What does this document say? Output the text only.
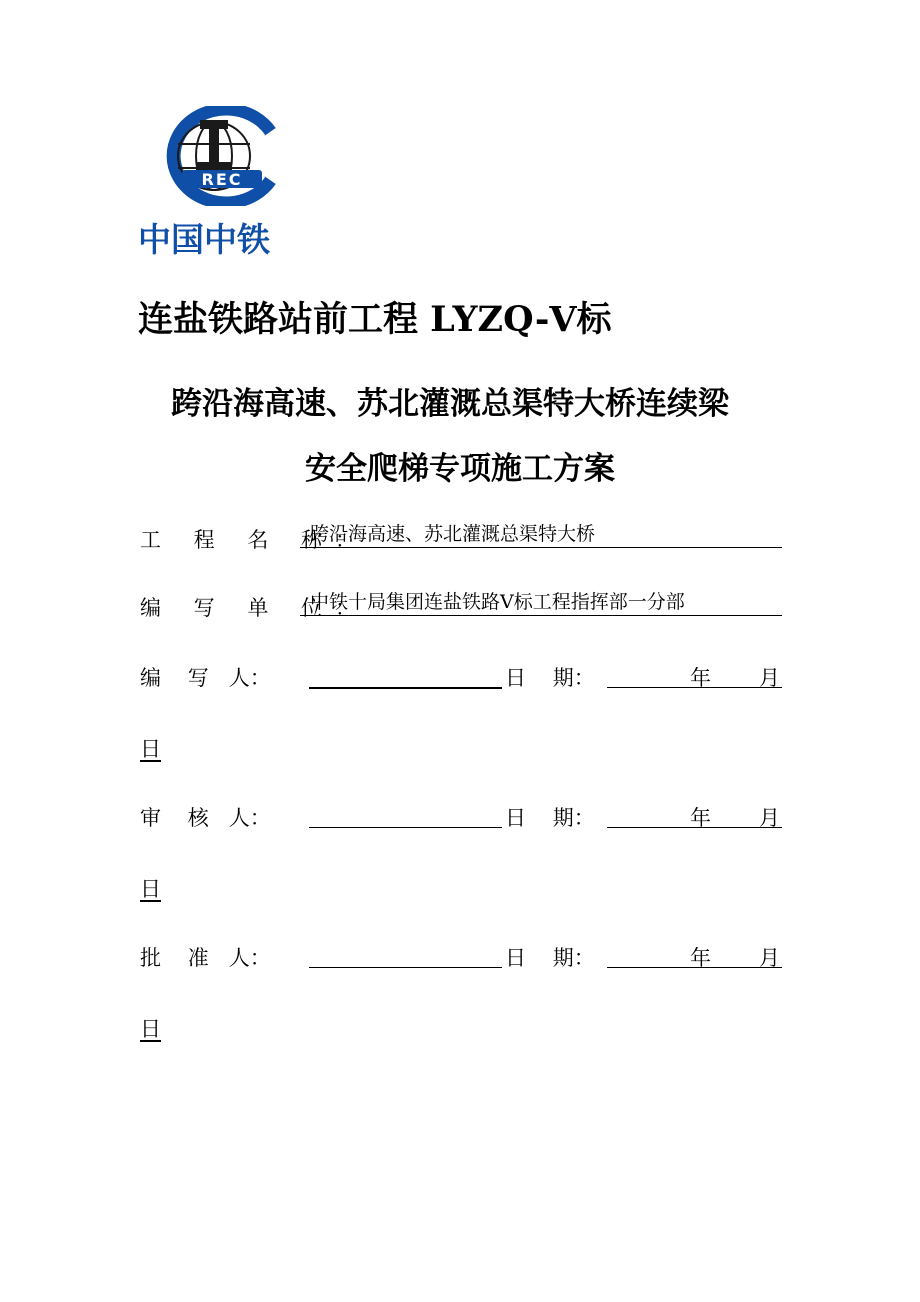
REC
中国中铁
连盐铁路站前工程 LYZQ-Ⅴ标
跨沿海高速、苏北灌溉总渠特大桥连续梁
安全爬梯专项施工方案
工 程 名 称：
跨沿海高速、苏北灌溉总渠特大桥
编 写 单 位：
中铁十局集团连盐铁路Ⅴ标工程指挥部一分部
编    写   人：	日    期：	年 月
日
审    核   人：	日    期：	年 月
日
批    准   人：	日    期：	年 月
日
